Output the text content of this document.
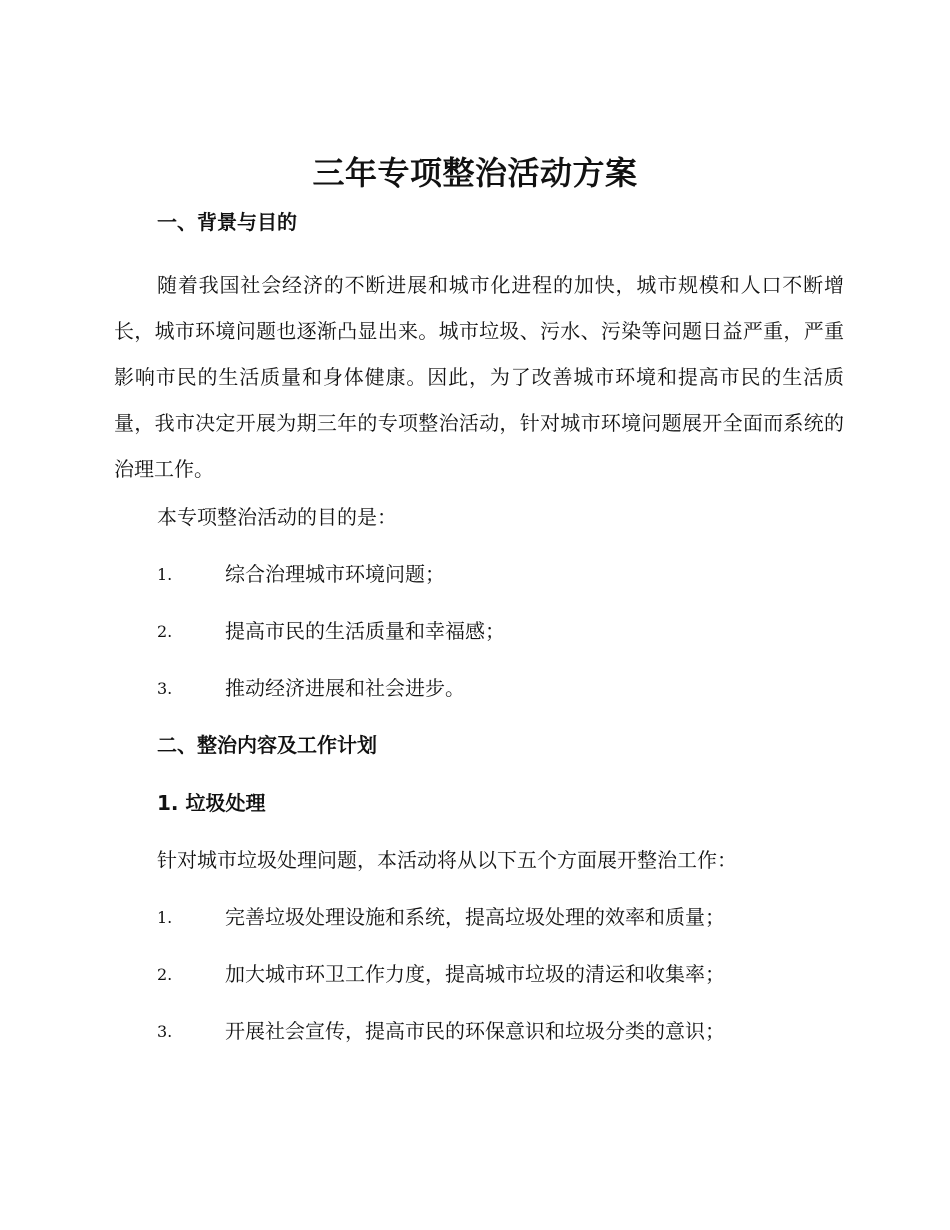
三年专项整治活动方案
一、背景与目的
随着我国社会经济的不断进展和城市化进程的加快，城市规模和人口不断增长，城市环境问题也逐渐凸显出来。城市垃圾、污水、污染等问题日益严重，严重影响市民的生活质量和身体健康。因此，为了改善城市环境和提高市民的生活质量，我市决定开展为期三年的专项整治活动，针对城市环境问题展开全面而系统的治理工作。
本专项整治活动的目的是：
1.	综合治理城市环境问题；
2.	提高市民的生活质量和幸福感；
3.	推动经济进展和社会进步。
二、整治内容及工作计划
1. 垃圾处理
针对城市垃圾处理问题，本活动将从以下五个方面展开整治工作：
1.	完善垃圾处理设施和系统，提高垃圾处理的效率和质量；
2.	加大城市环卫工作力度，提高城市垃圾的清运和收集率；
3.	开展社会宣传，提高市民的环保意识和垃圾分类的意识；
